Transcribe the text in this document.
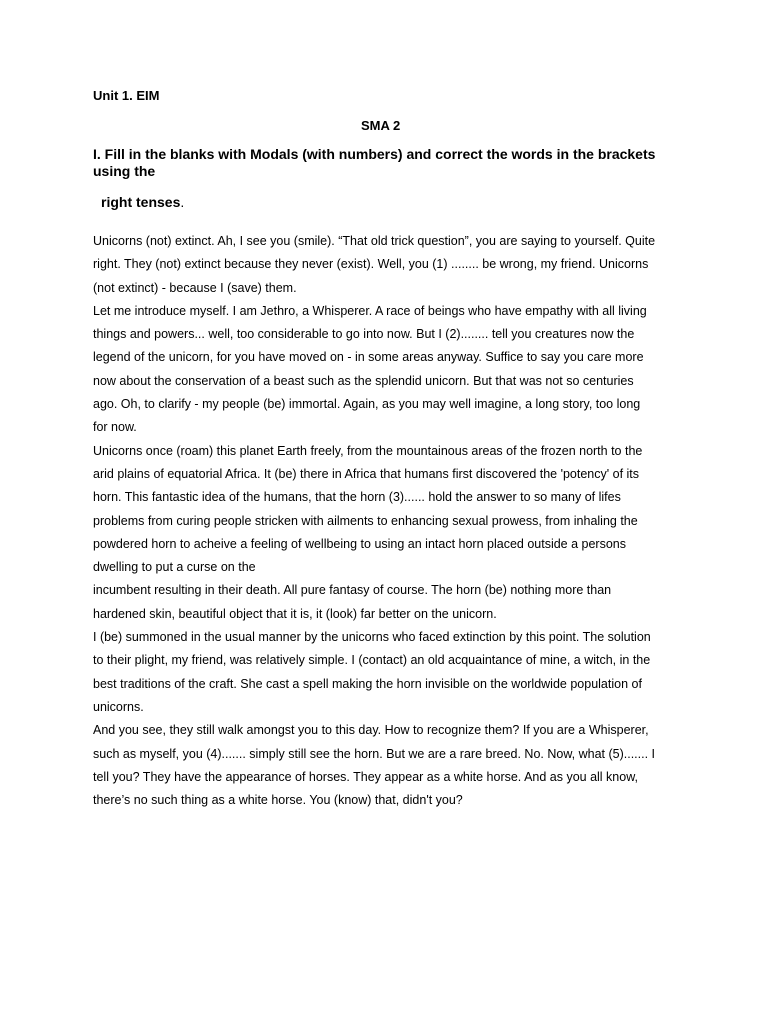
Unit 1. EIM
SMA 2
I. Fill in the blanks with Modals (with numbers) and correct the words in the brackets using the
right tenses.

Unicorns (not) extinct. Ah, I see you (smile). “That old trick question”, you are saying to yourself. Quite

right. They (not) extinct because they never (exist). Well, you (1) ........ be wrong, my friend. Unicorns

(not extinct) - because I (save) them.

Let me introduce myself. I am Jethro, a Whisperer. A race of beings who have empathy with all living

things and powers... well, too considerable to go into now. But I (2)........ tell you creatures now the

legend of the unicorn, for you have moved on - in some areas anyway. Suffice to say you care more

now about the conservation of a beast such as the splendid unicorn. But that was not so centuries

ago. Oh, to clarify - my people (be) immortal. Again, as you may well imagine, a long story, too long

for now.

Unicorns once (roam) this planet Earth freely, from the mountainous areas of the frozen north to the

arid plains of equatorial Africa. It (be) there in Africa that humans first discovered the 'potency' of its

horn. This fantastic idea of the humans, that the horn (3)...... hold the answer to so many of lifes

problems from curing people stricken with ailments to enhancing sexual prowess, from inhaling the

powdered horn to acheive a feeling of wellbeing to using an intact horn placed outside a persons

dwelling to put a curse on the

incumbent resulting in their death. All pure fantasy of course. The horn (be) nothing more than

hardened skin, beautiful object that it is, it (look) far better on the unicorn.

I (be) summoned in the usual manner by the unicorns who faced extinction by this point. The solution

to their plight, my friend, was relatively simple. I (contact) an old acquaintance of mine, a witch, in the

best traditions of the craft. She cast a spell making the horn invisible on the worldwide population of

unicorns.

And you see, they still walk amongst you to this day. How to recognize them? If you are a Whisperer,

such as myself, you (4)....... simply still see the horn. But we are a rare breed. No. Now, what (5)....... I

tell you? They have the appearance of horses. They appear as a white horse. And as you all know,

there’s no such thing as a white horse. You (know) that, didn't you?
